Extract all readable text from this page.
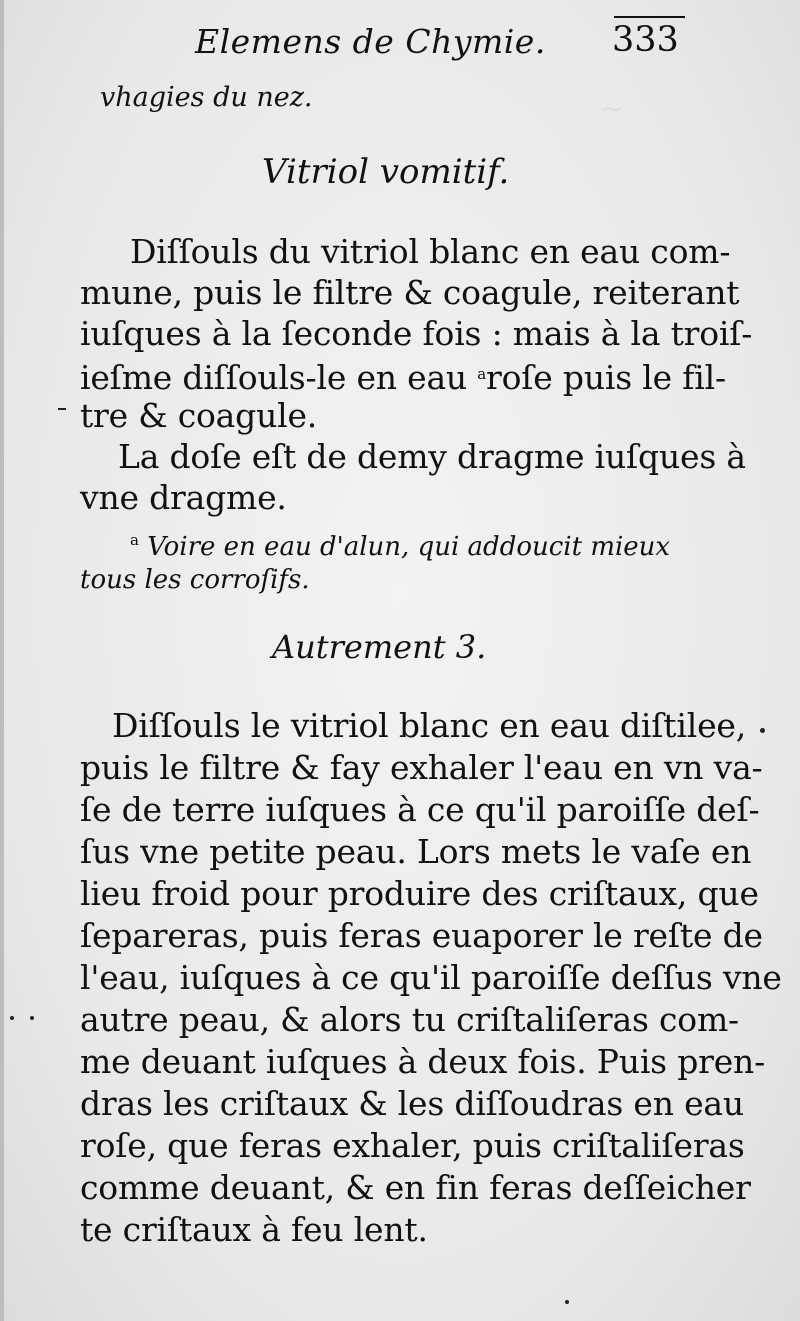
~
Elemens de Chymie. 333
vhagies du nez.
Vitriol vomitif.
Diſſouls du vitriol blanc en eau com-
mune, puis le filtre & coagule, reiterant
iuſques à la ſeconde fois : mais à la troiſ-
ieſme diſſouls-le en eau $^a$roſe puis le fil-
tre & coagule.
La doſe eſt de demy dragme iuſques à
vne dragme.
$^a$ Voire en eau d'alun, qui addoucit mieux
tous les corroſifs.
Autrement 3.
Diſſouls le vitriol blanc en eau diſtilee,
puis le filtre & fay exhaler l'eau en vn va-
ſe de terre iuſques à ce qu'il paroiſſe deſ-
ſus vne petite peau. Lors mets le vaſe en
lieu froid pour produire des criſtaux, que
ſepareras, puis feras euaporer le reſte de
l'eau, iuſques à ce qu'il paroiſſe deſſus vne
autre peau, & alors tu criſtaliſeras com-
me deuant iuſques à deux fois. Puis pren-
dras les criſtaux & les diſſoudras en eau
roſe, que feras exhaler, puis criſtaliſeras
comme deuant, & en fin feras deſſeicher
te criſtaux à feu lent.
